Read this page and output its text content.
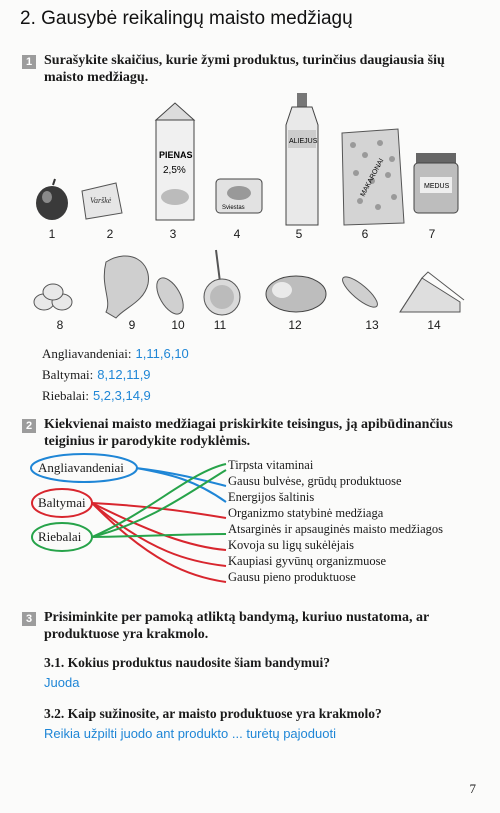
2. Gausybė reikalingų maisto medžiagų
1 Surašykite skaičius, kurie žymi produktus, turinčius daugiausia šių maisto medžiagų.
Varškė
PIENAS
2,5%
Sviestas
ALIEJUS
MAKARONAI	MEDUS
1	2	3	4	5	6	7
8	9	10	11	12	13	14
Angliavandeniai: 1,11,6,10
Baltymai: 8,12,11,9
Riebalai: 5,2,3,14,9
2 Kiekvienai maisto medžiagai priskirkite teisingus, ją apibūdinančius teiginius ir parodykite rodyklėmis.
Angliavandeniai
Baltymai
Riebalai
Tirpsta vitaminai
Gausu bulvėse, grūdų produktuose
Energijos šaltinis
Organizmo statybinė medžiaga
Atsarginės ir apsauginės maisto medžiagos
Kovoja su ligų sukėlėjais
Kaupiasi gyvūnų organizmuose
Gausu pieno produktuose
3 Prisiminkite per pamoką atliktą bandymą, kuriuo nustatoma, ar produktuose yra krakmolo.
3.1. Kokius produktus naudosite šiam bandymui?
Juoda
3.2. Kaip sužinosite, ar maisto produktuose yra krakmolo?
Reikia užpilti juodo ant produkto ... turėtų pajoduoti
7
